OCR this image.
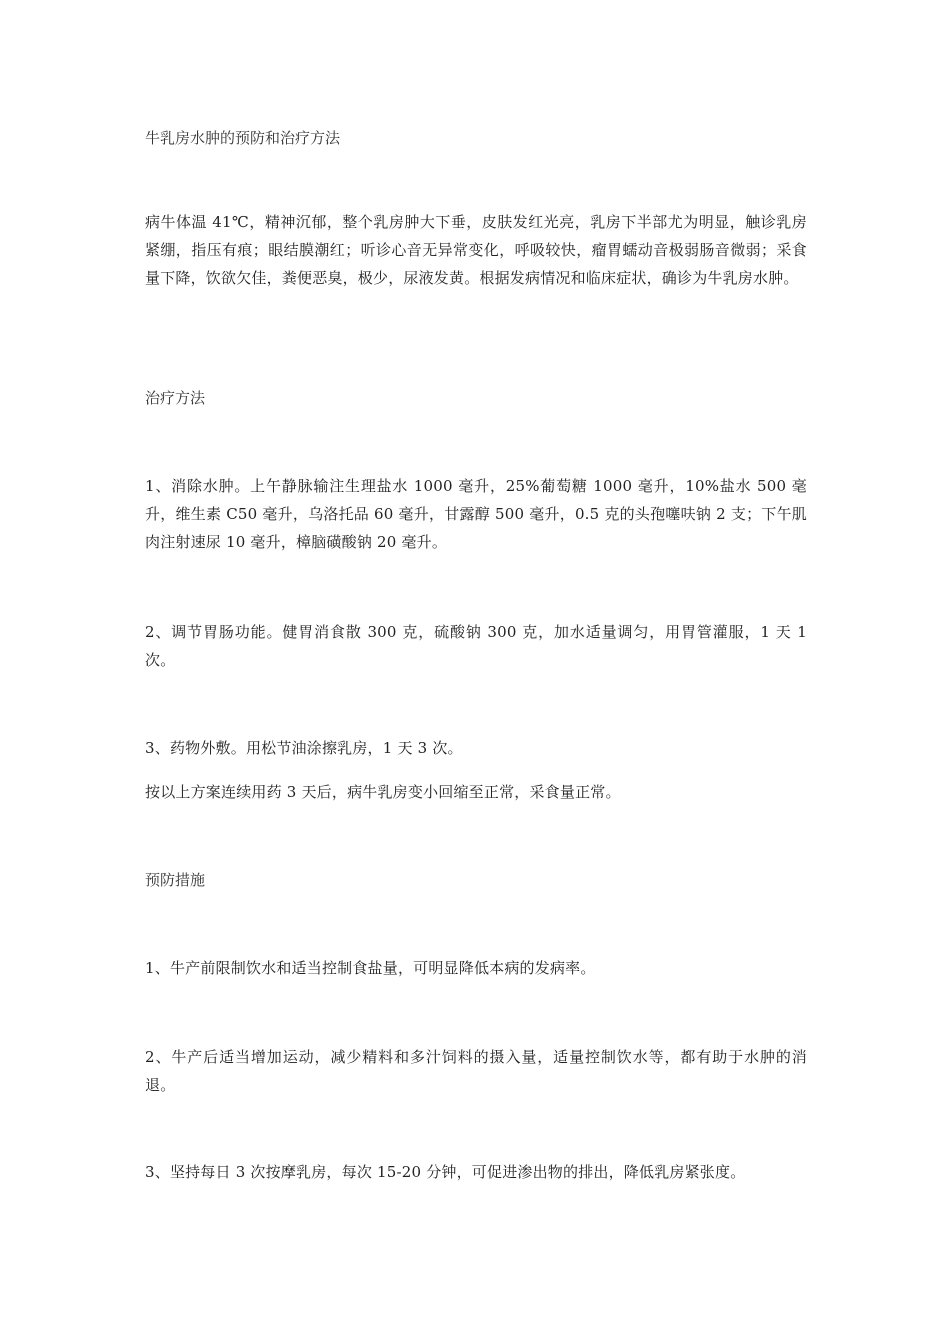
牛乳房水肿的预防和治疗方法

病牛体温 41℃，精神沉郁，整个乳房肿大下垂，皮肤发红光亮，乳房下半部尤为明显，触诊乳房紧绷，指压有痕；眼结膜潮红；听诊心音无异常变化，呼吸较快，瘤胃蠕动音极弱肠音微弱；采食量下降，饮欲欠佳，粪便恶臭，极少，尿液发黄。根据发病情况和临床症状，确诊为牛乳房水肿。

治疗方法

1、消除水肿。上午静脉输注生理盐水 1000 毫升，25%葡萄糖 1000 毫升，10%盐水 500 毫升，维生素 C50 毫升，乌洛托品 60 毫升，甘露醇 500 毫升，0.5 克的头孢噻呋钠 2 支；下午肌肉注射速尿 10 毫升，樟脑磺酸钠 20 毫升。

2、调节胃肠功能。健胃消食散 300 克，硫酸钠 300 克，加水适量调匀，用胃管灌服，1 天 1 次。

3、药物外敷。用松节油涂擦乳房，1 天 3 次。

按以上方案连续用药 3 天后，病牛乳房变小回缩至正常，采食量正常。

预防措施

1、牛产前限制饮水和适当控制食盐量，可明显降低本病的发病率。

2、牛产后适当增加运动，减少精料和多汁饲料的摄入量，适量控制饮水等，都有助于水肿的消退。

3、坚持每日 3 次按摩乳房，每次 15-20 分钟，可促进渗出物的排出，降低乳房紧张度。
